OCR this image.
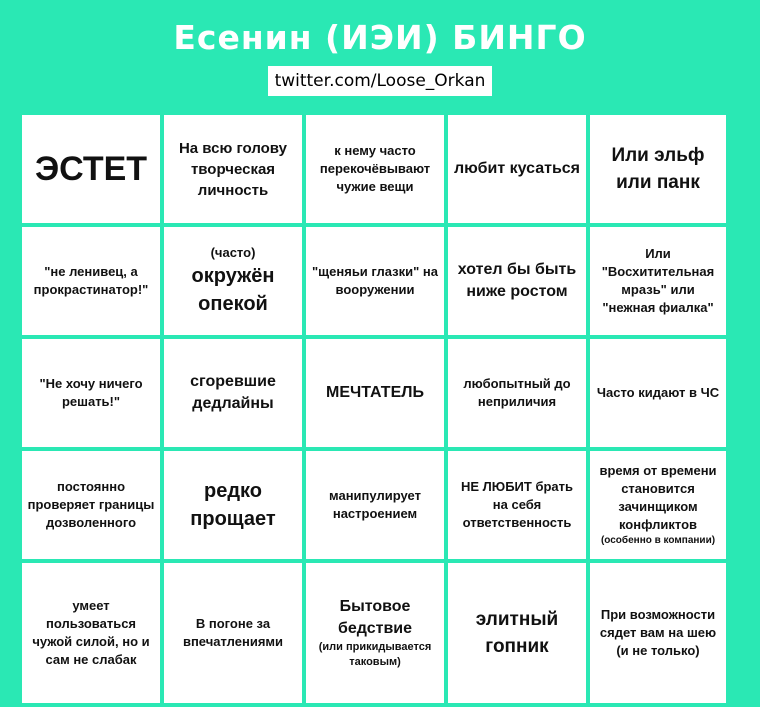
Есенин (ИЭИ) БИНГО
twitter.com/Loose_Orkan
ЭСТЕТ
На всю голову творческая личность
к нему часто перекочёвывают чужие вещи
любит кусаться
Или эльф или панк
"не ленивец, а прокрастинатор!"
(часто)
окружён опекой
"щеняьи глазки" на вооружении
хотел бы быть ниже ростом
Или "Восхитительная мразь" или "нежная фиалка"
"Не хочу ничего решать!"
сгоревшие дедлайны
МЕЧТАТЕЛЬ
любопытный до неприличия
Часто кидают в ЧС
постоянно проверяет границы дозволенного
редко прощает
манипулирует настроением
НЕ ЛЮБИТ брать на себя ответственность
время от времени становится зачинщиком конфликтов
(особенно в компании)
умеет пользоваться чужой силой, но и сам не слабак
В погоне за впечатлениями
Бытовое бедствие
(или прикидывается таковым)
элитный гопник
При возможности сядет вам на шею
(и не только)
